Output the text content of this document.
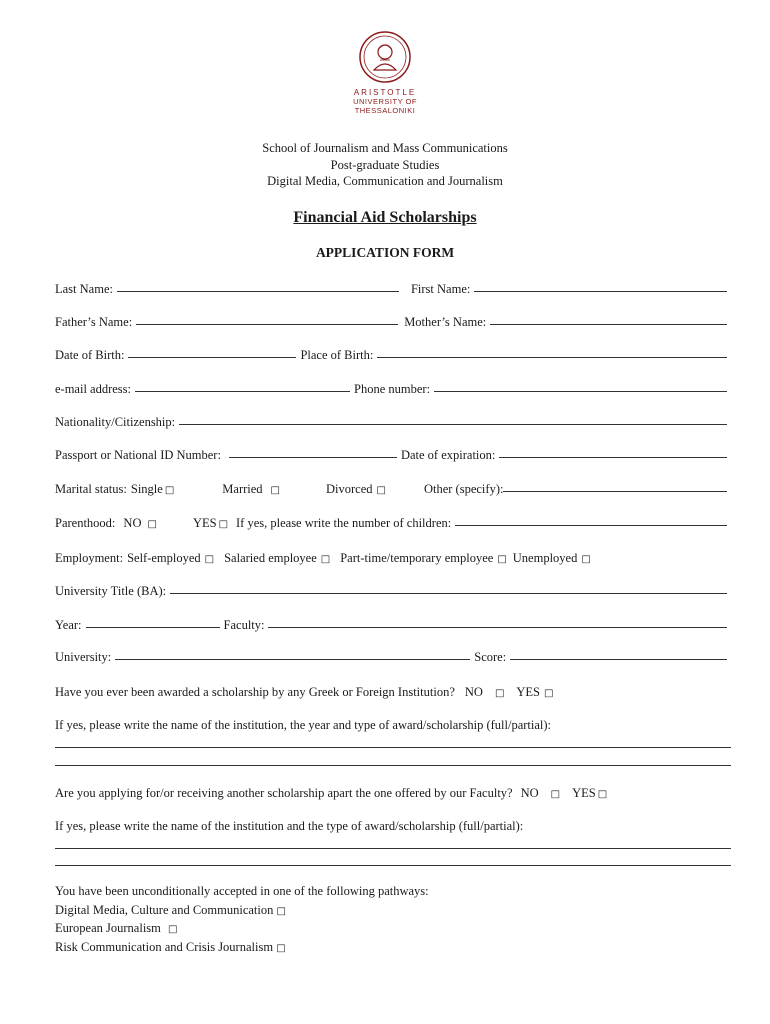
ARISTOTLE
UNIVERSITY OF
THESSALONIKI
School of Journalism and Mass Communications
Post-graduate Studies
Digital Media, Communication and Journalism
Financial Aid Scholarships
APPLICATION FORM
Last Name:	First Name:
Father’s Name:	Mother’s Name:
Date of Birth:	Place of Birth:
e-mail address:	Phone number:
Nationality/Citizenship:
Passport or National ID Number:	Date of expiration:
Marital status: Single □	Married □	Divorced □	Other (specify):
Parenthood: NO □	YES □ If yes, please write the number of children:
Employment: Self-employed □ Salaried employee □ Part-time/temporary employee □ Unemployed □
University Title (BA):
Year:	Faculty:
University:	Score:
Have you ever been awarded a scholarship by any Greek or Foreign Institution? NO □ YES □
If yes, please write the name of the institution, the year and type of award/scholarship (full/partial):
Are you applying for/or receiving another scholarship apart the one offered by our Faculty? NO □ YES □
If yes, please write the name of the institution and the type of award/scholarship (full/partial):
You have been unconditionally accepted in one of the following pathways:
Digital Media, Culture and Communication □
European Journalism □
Risk Communication and Crisis Journalism □
